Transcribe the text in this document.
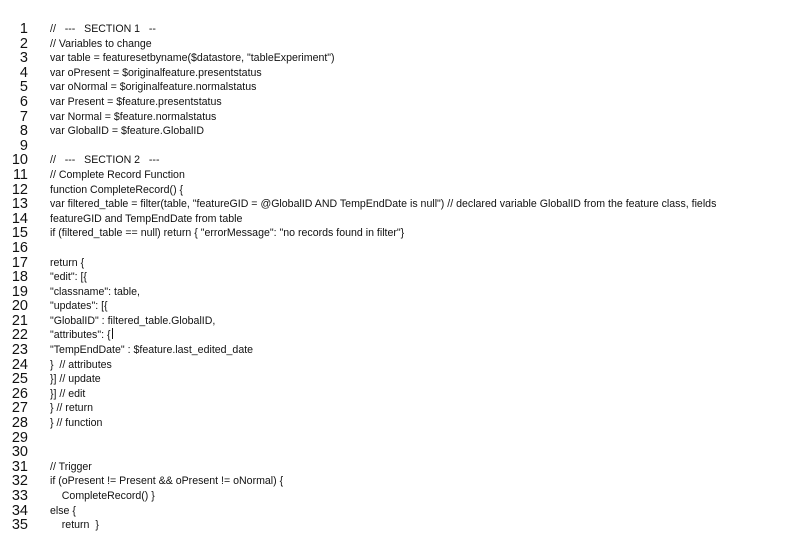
1 //   ---   SECTION 1   --
2 // Variables to change
3 var table = featuresetbyname($datastore, "tableExperiment")
4 var oPresent = $originalfeature.presentstatus
5 var oNormal = $originalfeature.normalstatus
6 var Present = $feature.presentstatus
7 var Normal = $feature.normalstatus
8 var GlobalID = $feature.GlobalID
9
10 //   ---   SECTION 2   ---
11 // Complete Record Function
12 function CompleteRecord() {
13 var filtered_table = filter(table, "featureGID = @GlobalID AND TempEndDate is null") // declared variable GlobalID from the feature class, fields
14 featureGID and TempEndDate from table
15 if (filtered_table == null) return { "errorMessage": "no records found in filter"}
16
17 return {
18 "edit": [{
19 "classname": table,
20 "updates": [{
21 "GlobalID" : filtered_table.GlobalID,
22 "attributes": {
23 "TempEndDate" : $feature.last_edited_date
24 }  // attributes
25 }] // update
26 }] // edit
27 } // return
28 } // function
29
30
31 // Trigger
32 if (oPresent != Present && oPresent != oNormal) {
33 CompleteRecord() }
34 else {
35 return  }
